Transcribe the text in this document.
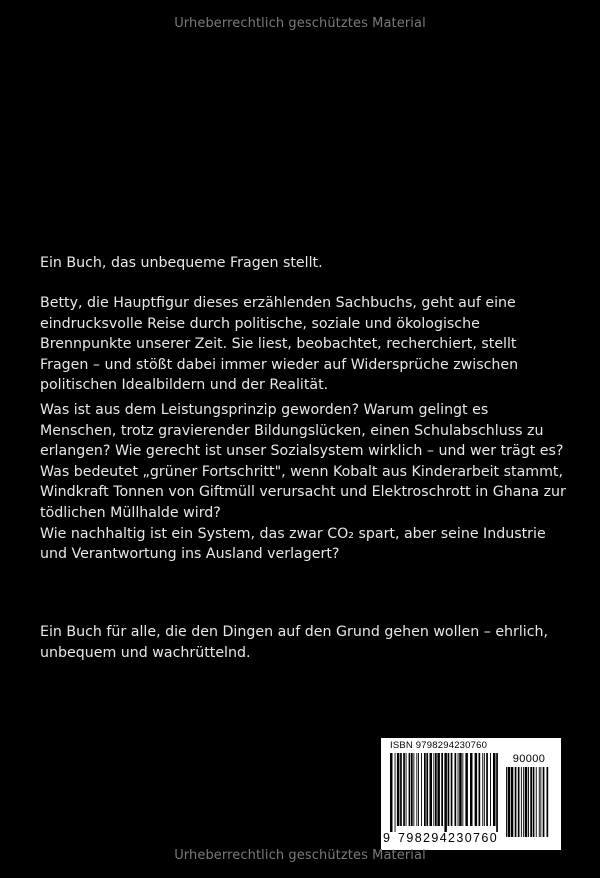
Urheberrechtlich geschütztes Material

Ein Buch, das unbequeme Fragen stellt.

Betty, die Hauptfigur dieses erzählenden Sachbuchs, geht auf eine eindrucksvolle Reise durch politische, soziale und ökologische Brennpunkte unserer Zeit. Sie liest, beobachtet, recherchiert, stellt Fragen – und stößt dabei immer wieder auf Widersprüche zwischen politischen Idealbildern und der Realität.

Was ist aus dem Leistungsprinzip geworden? Warum gelingt es Menschen, trotz gravierender Bildungslücken, einen Schulabschluss zu erlangen? Wie gerecht ist unser Sozialsystem wirklich – und wer trägt es?
Was bedeutet „grüner Fortschritt", wenn Kobalt aus Kinderarbeit stammt, Windkraft Tonnen von Giftmüll verursacht und Elektroschrott in Ghana zur tödlichen Müllhalde wird?
Wie nachhaltig ist ein System, das zwar CO₂ spart, aber seine Industrie und Verantwortung ins Ausland verlagert?

Ein Buch für alle, die den Dingen auf den Grund gehen wollen – ehrlich, unbequem und wachrüttelnd.

ISBN 9798294230760
90000
9 798294 230760
Urheberrechtlich geschütztes Material
